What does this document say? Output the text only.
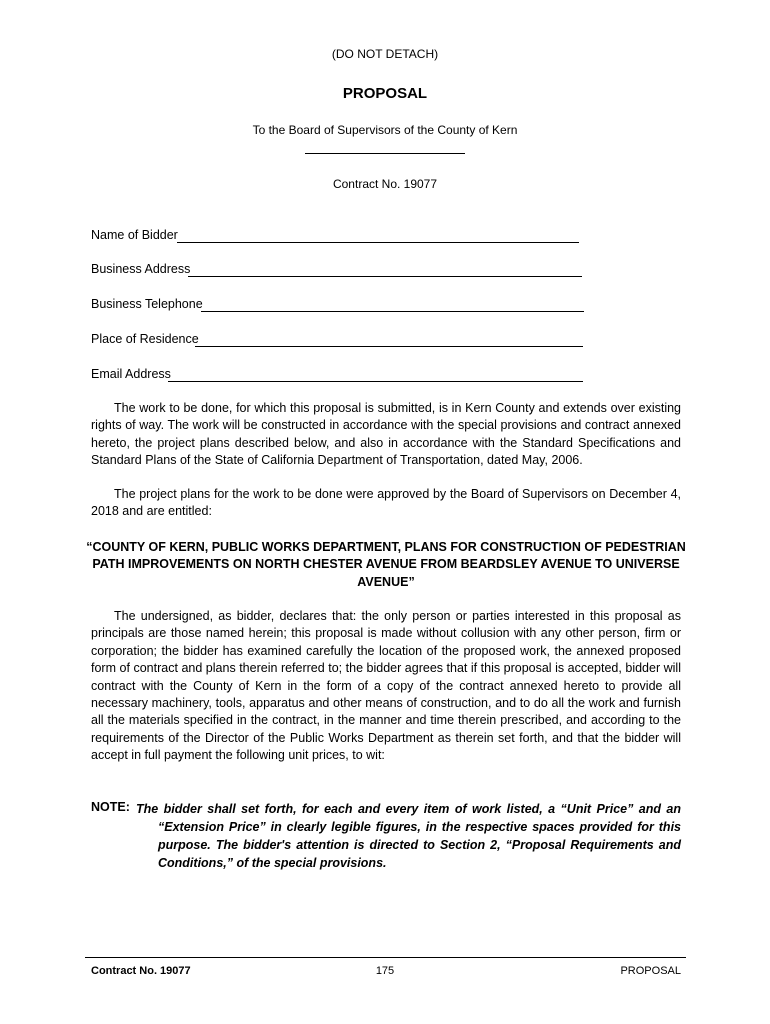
(DO NOT DETACH)
PROPOSAL
To the Board of Supervisors of the County of Kern
Contract No. 19077
Name of Bidder
Business Address
Business Telephone
Place of Residence
Email Address
The work to be done, for which this proposal is submitted, is in Kern County and extends over existing rights of way. The work will be constructed in accordance with the special provisions and contract annexed hereto, the project plans described below, and also in accordance with the Standard Specifications and Standard Plans of the State of California Department of Transportation, dated May, 2006.
The project plans for the work to be done were approved by the Board of Supervisors on December 4, 2018 and are entitled:
“COUNTY OF KERN, PUBLIC WORKS DEPARTMENT, PLANS FOR CONSTRUCTION OF PEDESTRIAN PATH IMPROVEMENTS ON NORTH CHESTER AVENUE FROM BEARDSLEY AVENUE TO UNIVERSE AVENUE”
The undersigned, as bidder, declares that: the only person or parties interested in this proposal as principals are those named herein; this proposal is made without collusion with any other person, firm or corporation; the bidder has examined carefully the location of the proposed work, the annexed proposed form of contract and plans therein referred to; the bidder agrees that if this proposal is accepted, bidder will contract with the County of Kern in the form of a copy of the contract annexed hereto to provide all necessary machinery, tools, apparatus and other means of construction, and to do all the work and furnish all the materials specified in the contract, in the manner and time therein prescribed, and according to the requirements of the Director of the Public Works Department as therein set forth, and that the bidder will accept in full payment the following unit prices, to wit:
NOTE: The bidder shall set forth, for each and every item of work listed, a “Unit Price” and an “Extension Price” in clearly legible figures, in the respective spaces provided for this purpose. The bidder's attention is directed to Section 2, “Proposal Requirements and Conditions,” of the special provisions.
Contract No. 19077	175	PROPOSAL
